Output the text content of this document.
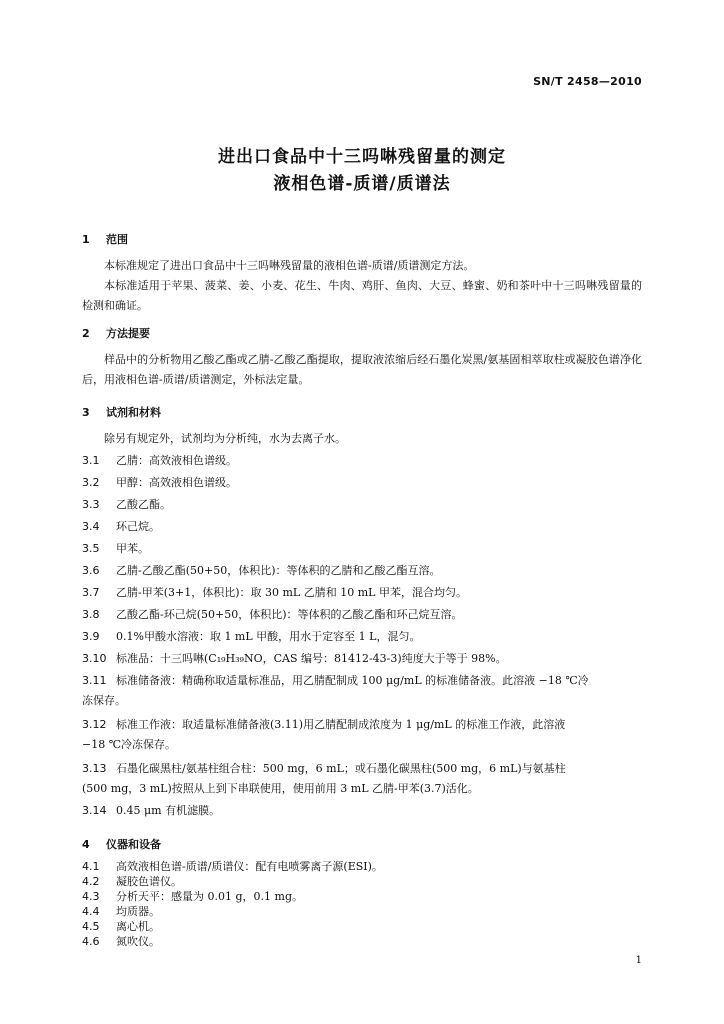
SN/T 2458—2010
进出口食品中十三吗啉残留量的测定
液相色谱-质谱/质谱法
1 范围
本标准规定了进出口食品中十三吗啉残留量的液相色谱-质谱/质谱测定方法。
本标准适用于苹果、菠菜、姜、小麦、花生、牛肉、鸡肝、鱼肉、大豆、蜂蜜、奶和茶叶中十三吗啉残留量的检测和确证。
2 方法提要
样品中的分析物用乙酸乙酯或乙腈-乙酸乙酯提取，提取液浓缩后经石墨化炭黑/氨基固相萃取柱或凝胶色谱净化后，用液相色谱-质谱/质谱测定，外标法定量。
3 试剂和材料
除另有规定外，试剂均为分析纯，水为去离子水。
3.1 乙腈：高效液相色谱级。
3.2 甲醇：高效液相色谱级。
3.3 乙酸乙酯。
3.4 环己烷。
3.5 甲苯。
3.6 乙腈-乙酸乙酯(50+50，体积比)：等体积的乙腈和乙酸乙酯互溶。
3.7 乙腈-甲苯(3+1，体积比)：取 30 mL 乙腈和 10 mL 甲苯，混合均匀。
3.8 乙酸乙酯-环己烷(50+50，体积比)：等体积的乙酸乙酯和环己烷互溶。
3.9 0.1%甲酸水溶液：取 1 mL 甲酸，用水于定容至 1 L，混匀。
3.10 标准品：十三吗啉(C₁₉H₃₉NO，CAS 编号：81412-43-3)纯度大于等于 98%。
3.11 标准储备液：精确称取适量标准品，用乙腈配制成 100 μg/mL 的标准储备液。此溶液 −18 ℃冷
冻保存。
3.12 标准工作液：取适量标准储备液(3.11)用乙腈配制成浓度为 1 μg/mL 的标准工作液，此溶液
−18 ℃冷冻保存。
3.13 石墨化碳黑柱/氨基柱组合柱：500 mg，6 mL；或石墨化碳黑柱(500 mg，6 mL)与氨基柱
(500 mg，3 mL)按照从上到下串联使用，使用前用 3 mL 乙腈-甲苯(3.7)活化。
3.14 0.45 μm 有机滤膜。
4 仪器和设备
4.1 高效液相色谱-质谱/质谱仪：配有电喷雾离子源(ESI)。
4.2 凝胶色谱仪。
4.3 分析天平：感量为 0.01 g，0.1 mg。
4.4 均质器。
4.5 离心机。
4.6 氮吹仪。
1
